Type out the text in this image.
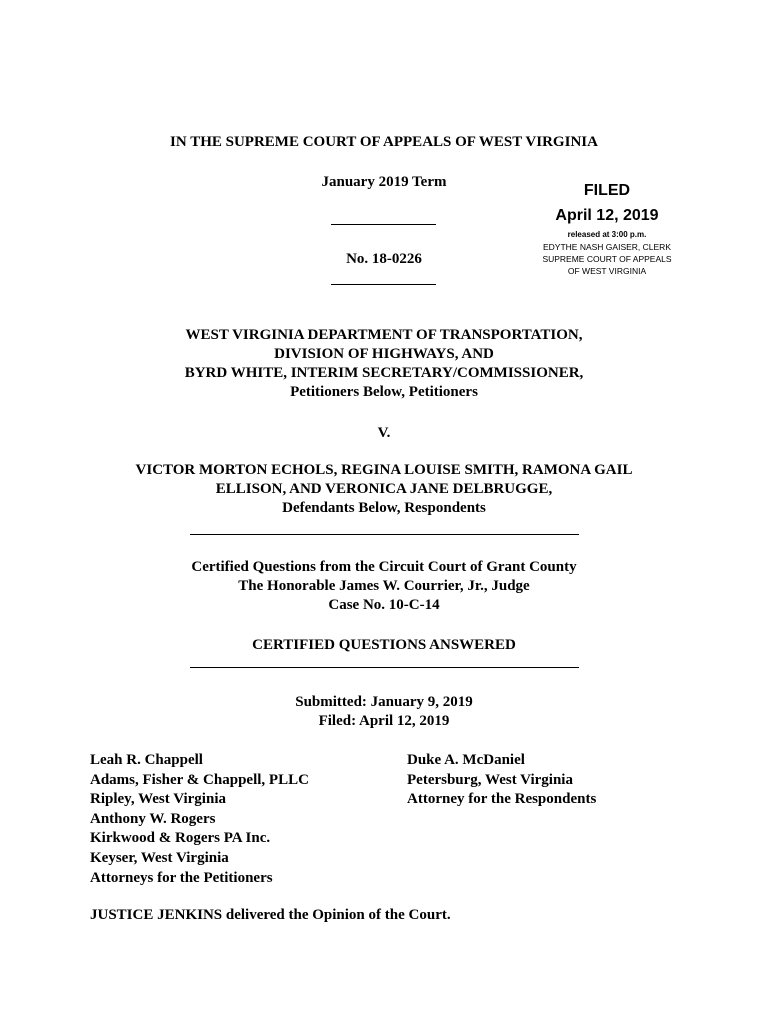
IN THE SUPREME COURT OF APPEALS OF WEST VIRGINIA
January 2019 Term
No. 18-0226
FILED
April 12, 2019
released at 3:00 p.m.
EDYTHE NASH GAISER, CLERK
SUPREME COURT OF APPEALS
OF WEST VIRGINIA
WEST VIRGINIA DEPARTMENT OF TRANSPORTATION,
DIVISION OF HIGHWAYS, AND
BYRD WHITE, INTERIM SECRETARY/COMMISSIONER,
Petitioners Below, Petitioners
V.
VICTOR MORTON ECHOLS, REGINA LOUISE SMITH, RAMONA GAIL
ELLISON, AND VERONICA JANE DELBRUGGE,
Defendants Below, Respondents
Certified Questions from the Circuit Court of Grant County
The Honorable James W. Courrier, Jr., Judge
Case No. 10-C-14
CERTIFIED QUESTIONS ANSWERED
Submitted: January 9, 2019
Filed: April 12, 2019
Leah R. Chappell
Adams, Fisher & Chappell, PLLC
Ripley, West Virginia
Anthony W. Rogers
Kirkwood & Rogers PA Inc.
Keyser, West Virginia
Attorneys for the Petitioners
Duke A. McDaniel
Petersburg, West Virginia
Attorney for the Respondents
JUSTICE JENKINS delivered the Opinion of the Court.
